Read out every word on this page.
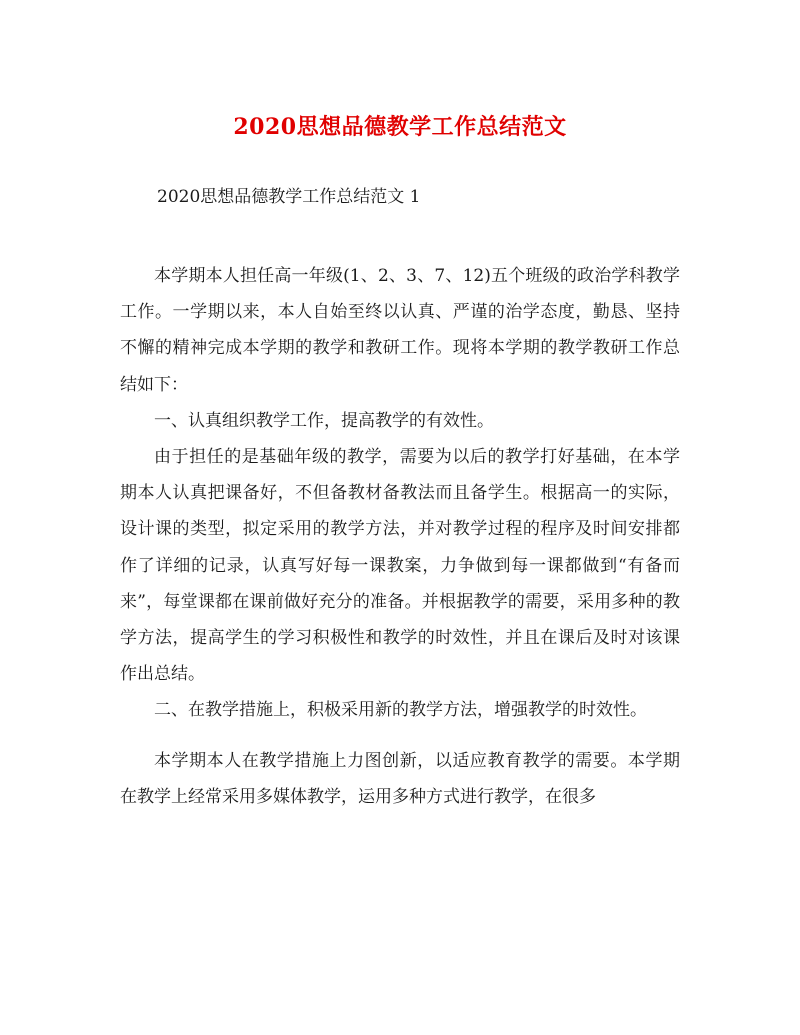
2020思想品德教学工作总结范文

2020思想品德教学工作总结范文 1

本学期本人担任高一年级(1、2、3、7、12)五个班级的政治学科教学工作。一学期以来，本人自始至终以认真、严谨的治学态度，勤恳、坚持不懈的精神完成本学期的教学和教研工作。现将本学期的教学教研工作总结如下：

一、认真组织教学工作，提高教学的有效性。

由于担任的是基础年级的教学，需要为以后的教学打好基础，在本学期本人认真把课备好，不但备教材备教法而且备学生。根据高一的实际，设计课的类型，拟定采用的教学方法，并对教学过程的程序及时间安排都作了详细的记录，认真写好每一课教案，力争做到每一课都做到“有备而来”，每堂课都在课前做好充分的准备。并根据教学的需要，采用多种的教学方法，提高学生的学习积极性和教学的时效性，并且在课后及时对该课作出总结。

二、在教学措施上，积极采用新的教学方法，增强教学的时效性。

本学期本人在教学措施上力图创新，以适应教育教学的需要。本学期在教学上经常采用多媒体教学，运用多种方式进行教学，在很多
